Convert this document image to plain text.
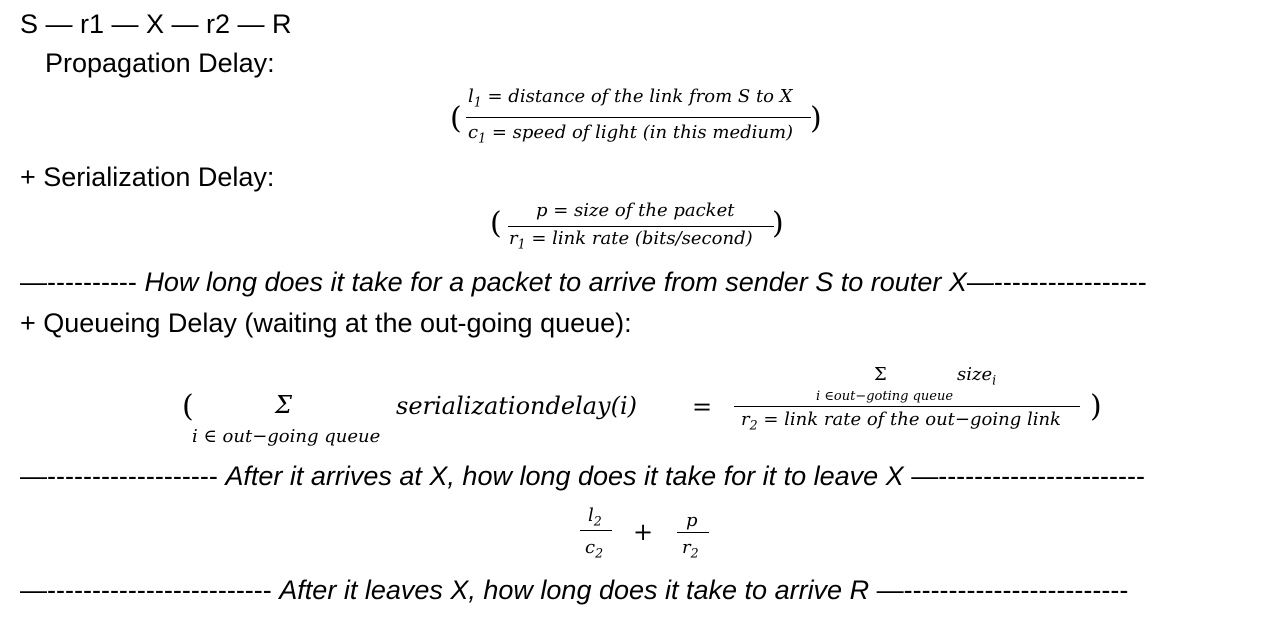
S — r1 — X — r2 — R
Propagation Delay:
(
$l_1$ = distance of the link from S to X
$c_1$ = speed of light (in this medium) )
+ Serialization Delay:
( p = size of the packet
$r_1$ = link rate (bits/second) )
—---------- How long does it take for a packet to arrive from sender S to router X—-----------------
+ Queueing Delay (waiting at the out-going queue):
(	Σ
i ∈ out−going queue
serializationdelay(i) =
Σ
i ∈out−goting queue
size$_i$
$r_2$ = link rate of the out−going link )
—------------------- After it arrives at X, how long does it take for it to leave X —-----------------------
$l_2$
$c_2$
+ p
$r_2$
—------------------------- After it leaves X, how long does it take to arrive R —-------------------------
